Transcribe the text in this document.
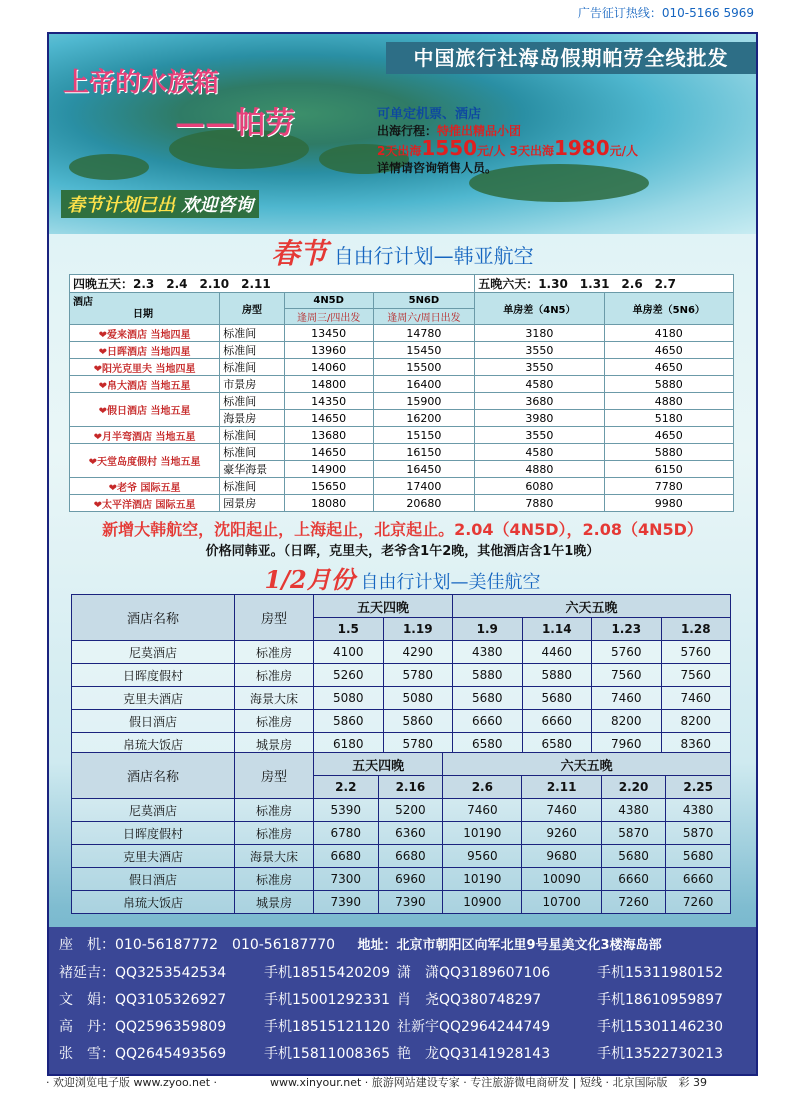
广告征订热线：010-5166 5969
中国旅行社海岛假期帕劳全线批发
上帝的水族箱
——帕劳
春节计划已出 欢迎咨询
可单定机票、酒店
出海行程：特推出精品小团
2天出海1550元/人 3天出海1980元/人
详情请咨询销售人员。
春节 自由行计划—韩亚航空
四晚五天：2.3　2.4　2.10　2.11				五晚六天：1.30　1.31　2.6　2.7	
酒店
日期	房型	4N5D	5N6D	单房差（4N5）	单房差（5N6）
		逢周三/四出发	逢周六/周日出发		
❤爱来酒店 当地四星	标准间	13450	14780	3180	4180
❤日晖酒店 当地四星	标准间	13960	15450	3550	4650
❤阳光克里夫 当地四星	标准间	14060	15500	3550	4650
❤帛大酒店 当地五星	市景房	14800	16400	4580	5880
❤假日酒店 当地五星	标准间	14350	15900	3680	4880
	海景房	14650	16200	3980	5180
❤月半弯酒店 当地五星	标准间	13680	15150	3550	4650
❤天堂岛度假村 当地五星	标准间	14650	16150	4580	5880
	豪华海景	14900	16450	4880	6150
❤老爷 国际五星	标准间	15650	17400	6080	7780
❤太平洋酒店 国际五星	园景房	18080	20680	7880	9980
新增大韩航空，沈阳起止，上海起止，北京起止。2.04（4N5D），2.08（4N5D）
价格同韩亚。（日晖，克里夫，老爷含1午2晚，其他酒店含1午1晚）
1/2月份 自由行计划—美佳航空
酒店名称	房型	五天四晚		六天五晚			
		1.5	1.19	1.9	1.14	1.23	1.28
尼莫酒店	标准房	4100	4290	4380	4460	5760	5760
日晖度假村	标准房	5260	5780	5880	5880	7560	7560
克里夫酒店	海景大床	5080	5080	5680	5680	7460	7460
假日酒店	标准房	5860	5860	6660	6660	8200	8200
帛琉大饭店	城景房	6180	5780	6580	6580	7960	8360
酒店名称	房型	五天四晚		六天五晚			
		2.2	2.16	2.6	2.11	2.20	2.25
尼莫酒店	标准房	5390	5200	7460	7460	4380	4380
日晖度假村	标准房	6780	6360	10190	9260	5870	5870
克里夫酒店	海景大床	6680	6680	9560	9680	5680	5680
假日酒店	标准房	7300	6960	10190	10090	6660	6660
帛琉大饭店	城景房	7390	7390	10900	10700	7260	7260
座　机：010-56187772　010-56187770 地址：北京市朝阳区向军北里9号星美文化3楼海岛部
褚延吉：QQ3253542534	手机18515420209 潇　潇QQ3189607106	手机15311980152
文　娟：QQ3105326927	手机15001292331 肖　尧QQ380748297	手机18610959897
高　丹：QQ2596359809	手机18515121120 社新宇QQ2964244749	手机15301146230
张　雪：QQ2645493569	手机15811008365 艳　龙QQ3141928143	手机13522730213
· 欢迎浏览电子版 www.zyoo.net ·	www.xinyour.net · 旅游网站建设专家 · 专注旅游微电商研发 | 短线 · 北京国际版　彩 39
